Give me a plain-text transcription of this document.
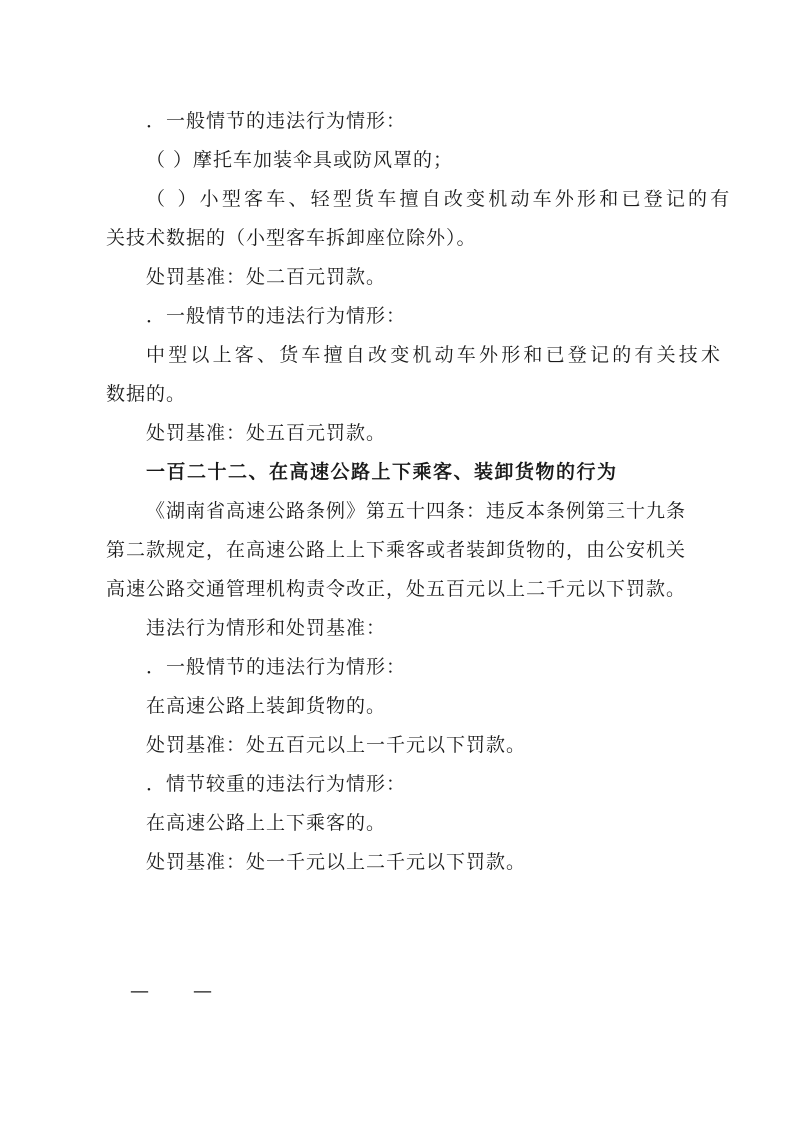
．一般情节的违法行为情形：
（ ）摩托车加装伞具或防风罩的；
（ ）小型客车、轻型货车擅自改变机动车外形和已登记的有
关技术数据的（小型客车拆卸座位除外）。
处罚基准：处二百元罚款。
．一般情节的违法行为情形：
中型以上客、货车擅自改变机动车外形和已登记的有关技术
数据的。
处罚基准：处五百元罚款。
一百二十二、在高速公路上下乘客、装卸货物的行为
《湖南省高速公路条例》第五十四条：违反本条例第三十九条
第二款规定，在高速公路上上下乘客或者装卸货物的，由公安机关
高速公路交通管理机构责令改正，处五百元以上二千元以下罚款。
违法行为情形和处罚基准：
．一般情节的违法行为情形：
在高速公路上装卸货物的。
处罚基准：处五百元以上一千元以下罚款。
．情节较重的违法行为情形：
在高速公路上上下乘客的。
处罚基准：处一千元以上二千元以下罚款。
—　　—
